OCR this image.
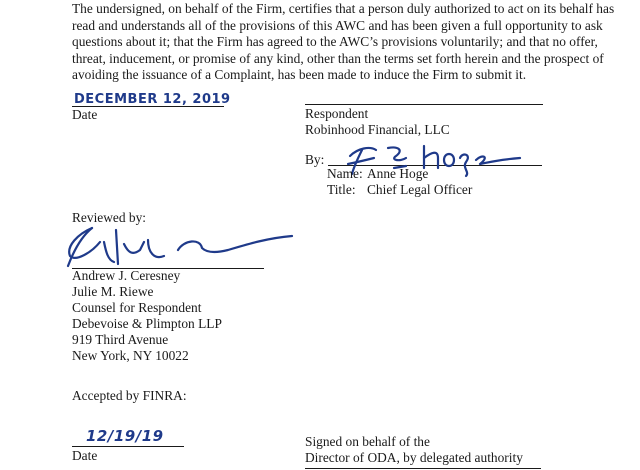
The undersigned, on behalf of the Firm, certifies that a person duly authorized to act on its behalf has read and understands all of the provisions of this AWC and has been given a full opportunity to ask questions about it; that the Firm has agreed to the AWC’s provisions voluntarily; and that no offer, threat, inducement, or promise of any kind, other than the terms set forth herein and the prospect of avoiding the issuance of a Complaint, has been made to induce the Firm to submit it.

DECEMBER 12, 2019
Date	Respondent
Robinhood Financial, LLC
By:
Name: Anne Hoge
Title: Chief Legal Officer
Reviewed by:
Andrew J. Ceresney
Julie M. Riewe
Counsel for Respondent
Debevoise & Plimpton LLP
919 Third Avenue
New York, NY 10022
Accepted by FINRA:
12/19/19
Date
Signed on behalf of the
Director of ODA, by delegated authority
